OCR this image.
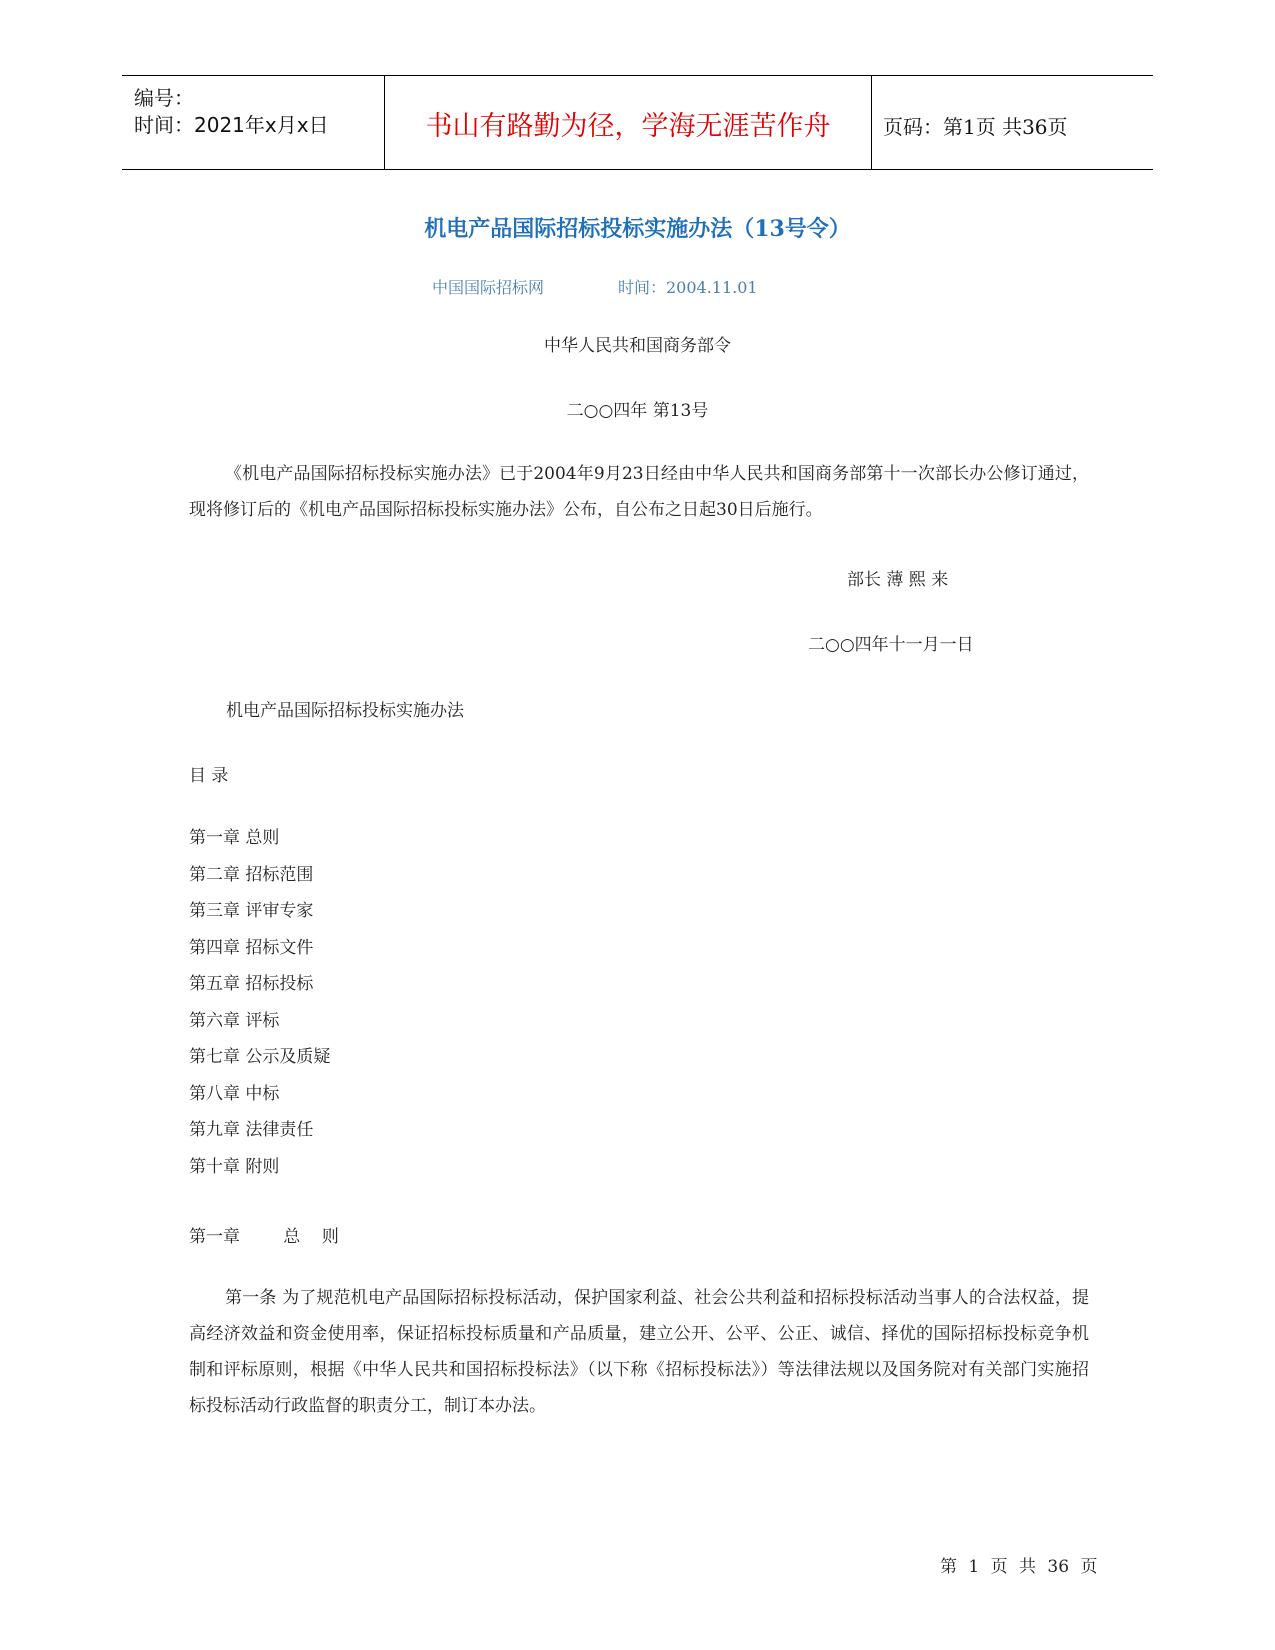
编号：
时间：2021年x月x日	书山有路勤为径，学海无涯苦作舟	页码：第1页 共36页
机电产品国际招标投标实施办法（13号令）
中国国际招标网	时间：2004.11.01
中华人民共和国商务部令
二○○四年 第13号
《机电产品国际招标投标实施办法》已于2004年9月23日经由中华人民共和国商务部第十一次部长办公修订通过，现将修订后的《机电产品国际招标投标实施办法》公布，自公布之日起30日后施行。
部长 薄 熙 来
二○○四年十一月一日
机电产品国际招标投标实施办法
目 录
第一章 总则
第二章 招标范围
第三章 评审专家
第四章 招标文件
第五章 招标投标
第六章 评标
第七章 公示及质疑
第八章 中标
第九章 法律责任
第十章 附则
第一章        总    则
第一条 为了规范机电产品国际招标投标活动，保护国家利益、社会公共利益和招标投标活动当事人的合法权益，提高经济效益和资金使用率，保证招标投标质量和产品质量，建立公开、公平、公正、诚信、择优的国际招标投标竞争机制和评标原则，根据《中华人民共和国招标投标法》（以下称《招标投标法》）等法律法规以及国务院对有关部门实施招标投标活动行政监督的职责分工，制订本办法。
第 1 页 共 36 页
